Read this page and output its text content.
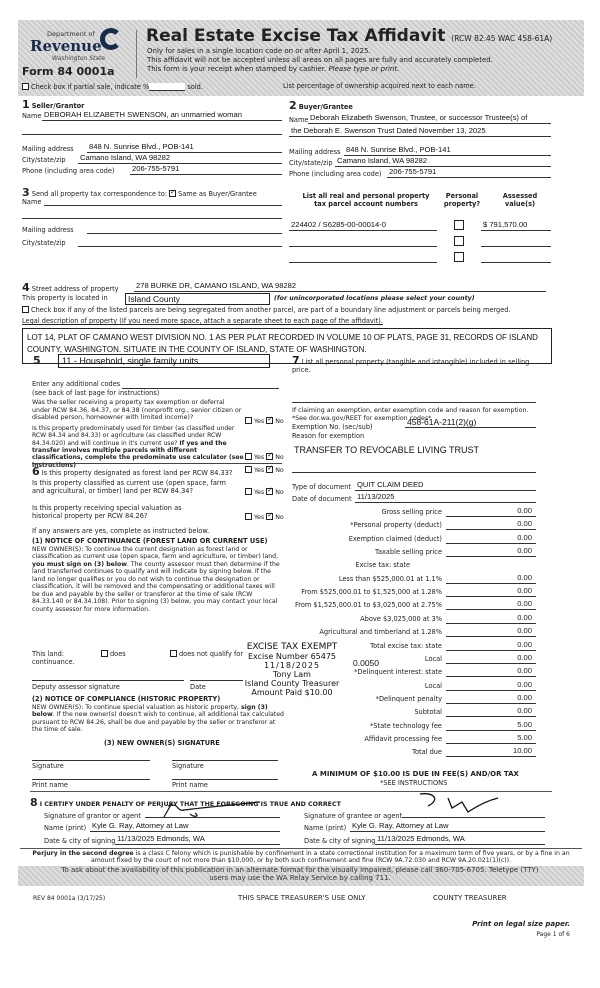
Department of
Revenue
Washington State
Form 84 0001a
Real Estate Excise Tax Affidavit (RCW 82.45 WAC 458-61A)
Only for sales in a single location code on or after April 1, 2025.
This affidavit will not be accepted unless all areas on all pages are fully and accurately completed.
This form is your receipt when stamped by cashier. Please type or print.
Check box if partial sale, indicate %	sold.	List percentage of ownership acquired next to each name.
1 Seller/Grantor
Name DEBORAH ELIZABETH SWENSON, an unmarried woman
Mailing address 848 N. Sunrise Blvd., POB-141
City/state/zip Camano Island, WA 98282
Phone (including area code) 206-755-5791
2 Buyer/Grantee
Name Deborah Elizabeth Swenson, Trustee, or successor Trustee(s) of
the Deborah E. Swenson Trust Dated November 13, 2025
Mailing address 848 N. Sunrise Blvd., POB-141
City/state/zip Camano Island, WA 98282
Phone (including area code) 206-755-5791
3 Send all property tax correspondence to: ✓ Same as Buyer/Grantee
Name
Mailing address
City/state/zip
List all real and personal property tax parcel account numbers
Personal property?
Assessed value(s)
224402 / S6285-00-00014-0	$ 791,570.00
4 Street address of property 278 BURKE DR, CAMANO ISLAND, WA 98282
This property is located in	Island County	(for unincorporated locations please select your county)
Check box if any of the listed parcels are being segregated from another parcel, are part of a boundary line adjustment or parcels being merged.
Legal description of property (If you need more space, attach a separate sheet to each page of the affidavit).
LOT 14, PLAT OF CAMANO WEST DIVISION NO. 1 AS PER PLAT RECORDED IN VOLUME 10 OF PLATS, PAGE 31, RECORDS OF ISLAND COUNTY, WASHINGTON. SITUATE IN THE COUNTY OF ISLAND, STATE OF WASHINGTON.
5	11 - Household, single family units
Enter any additional codes
(see back of last page for instructions)
Was the seller receiving a property tax exemption or deferral under RCW 84.36, 84.37, or 84.38 (nonprofit org., senior citizen or disabled person, homeowner with limited income)?
Yes ✓ No
Is this property predominately used for timber (as classified under RCW 84.34 and 84.33) or agriculture (as classified under RCW 84.34.020) and will continue in it's current use? If yes and the transfer involves multiple parcels with different classifications, complete the predominate use calculator (see instructions)
Yes ✓ No
6 Is this property designated as forest land per RCW 84.33?	Yes ✓ No
Is this property classified as current use (open space, farm and agricultural, or timber) land per RCW 84.34?	Yes ✓ No
Is this property receiving special valuation as historical property per RCW 84.26?	Yes ✓ No
If any answers are yes, complete as instructed below.
(1) NOTICE OF CONTINUANCE (FOREST LAND OR CURRENT USE)
NEW OWNER(S): To continue the current designation as forest land or classification as current use (open space, farm and agriculture, or timber) land, you must sign on (3) below. The county assessor must then determine if the land transferred continues to qualify and will indicate by signing below. If the land no longer qualifies or you do not wish to continue the designation or classification, it will be removed and the compensating or additional taxes will be due and payable by the seller or transferor at the time of sale (RCW 84.33.140 or 84.34.108). Prior to signing (3) below, you may contact your local county assessor for more information.
This land:
continuance.
does	does not qualify for
Deputy assessor signature	Date
(2) NOTICE OF COMPLIANCE (HISTORIC PROPERTY)
NEW OWNER(S): To continue special valuation as historic property, sign (3) below. If the new owner(s) doesn't wish to continue, all additional tax calculated pursuant to RCW 84.26, shall be due and payable by the seller or transferor at the time of sale.
(3) NEW OWNER(S) SIGNATURE
Signature	Signature
Print name	Print name
7 List all personal property (tangible and intangible) included in selling price.
If claiming an exemption, enter exemption code and reason for exemption. *See dor.wa.gov/REET for exemption codes*
Exemption No. (sec/sub)	458-61A-211(2)(g)
Reason for exemption
TRANSFER TO REVOCABLE LIVING TRUST
Type of document QUIT CLAIM DEED
Date of document 11/13/2025
Gross selling price	0.00
*Personal property (deduct)	0.00
Exemption claimed (deduct)	0.00
Taxable selling price	0.00
Excise tax: state
Less than $525,000.01 at 1.1%	0.00
From $525,000.01 to $1,525,000 at 1.28%	0.00
From $1,525,000.01 to $3,025,000 at 2.75%	0.00
Above $3,025,000 at 3%	0.00
Agricultural and timberland at 1.28%	0.00
Total excise tax: state	0.00
Local	0.00
*Delinquent interest: state	0.00
Local	0.00
*Delinquent penalty	0.00
Subtotal	0.00
*State technology fee	5.00
Affidavit processing fee	5.00
Total due	10.00
0.0050
A MINIMUM OF $10.00 IS DUE IN FEE(S) AND/OR TAX
*SEE INSTRUCTIONS
EXCISE TAX EXEMPT
Excise Number 65475
11/18/2025
Tony Lam
Island County Treasurer
Amount Paid $10.00
8 I CERTIFY UNDER PENALTY OF PERJURY THAT THE FOREGOING IS TRUE AND CORRECT
Signature of grantor or agent
Name (print) Kyle G. Ray, Attorney at Law
Date & city of signing 11/13/2025 Edmonds, WA
Signature of grantee or agent
Name (print) Kyle G. Ray, Attorney at Law
Date & city of signing 11/13/2025 Edmonds, WA
Perjury in the second degree is a class C felony which is punishable by confinement in a state correctional institution for a maximum term of five years, or by a fine in an amount fixed by the court of not more than $10,000, or by both such confinement and fine (RCW 9A.72.030 and RCW 9A.20.021(1)(c)).
To ask about the availability of this publication in an alternate format for the visually impaired, please call 360-705-6705. Teletype (TTY) users may use the WA Relay Service by calling 711.
REV 84 0001a (3/17/25)	THIS SPACE TREASURER'S USE ONLY	COUNTY TREASURER
Print on legal size paper.
Page 1 of 6
